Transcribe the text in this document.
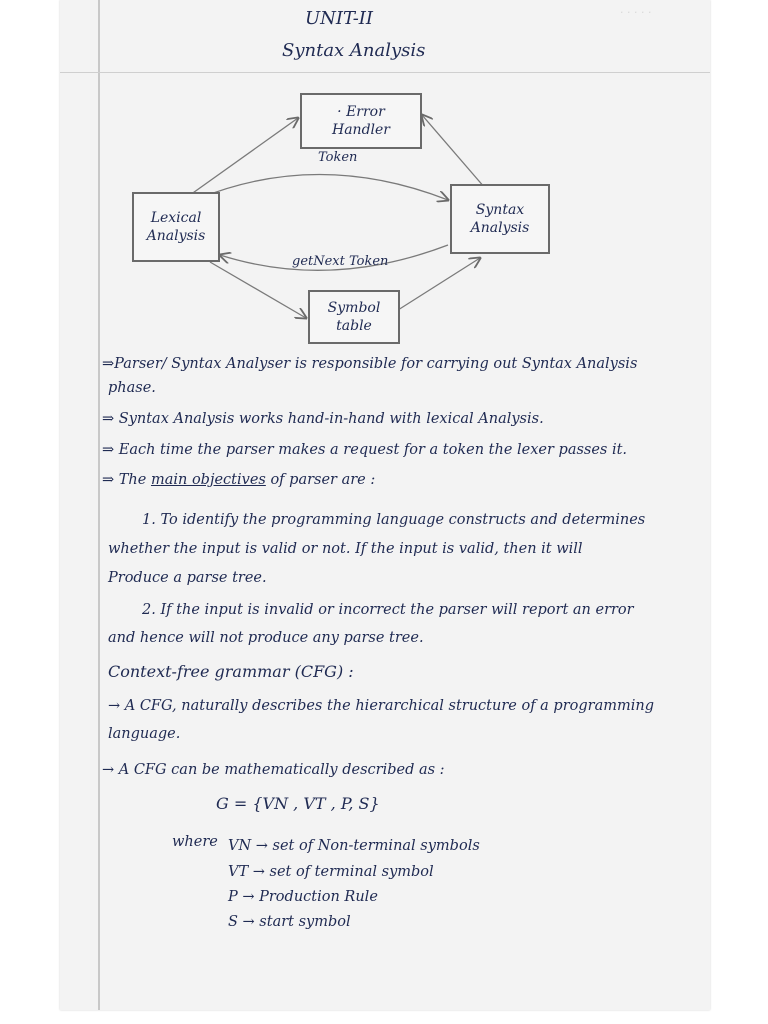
· · · · ·
UNIT-II
Syntax Analysis
· Error
Handler
Lexical
Analysis
Syntax
Analysis
Symbol
table
Token
getNext Token
⇒Parser/ Syntax Analyser is responsible for carrying out Syntax Analysis
phase.
⇒ Syntax Analysis works hand-in-hand with lexical Analysis.
⇒ Each time the parser makes a request for a token the lexer passes it.
⇒ The main objectives of parser are :
1. To identify the programming language constructs and determines
whether the input is valid or not. If the input is valid, then it will
Produce a parse tree.
2. If the input is invalid or incorrect the parser will report an error
and hence will not produce any parse tree.
Context-free grammar (CFG) :
→ A CFG, naturally describes the hierarchical structure of a programming
language.
→ A CFG can be mathematically described as :
G = {VN , VT , P, S}
where VN → set of Non-terminal symbols
VT → set of terminal symbol
P → Production Rule
S → start symbol
